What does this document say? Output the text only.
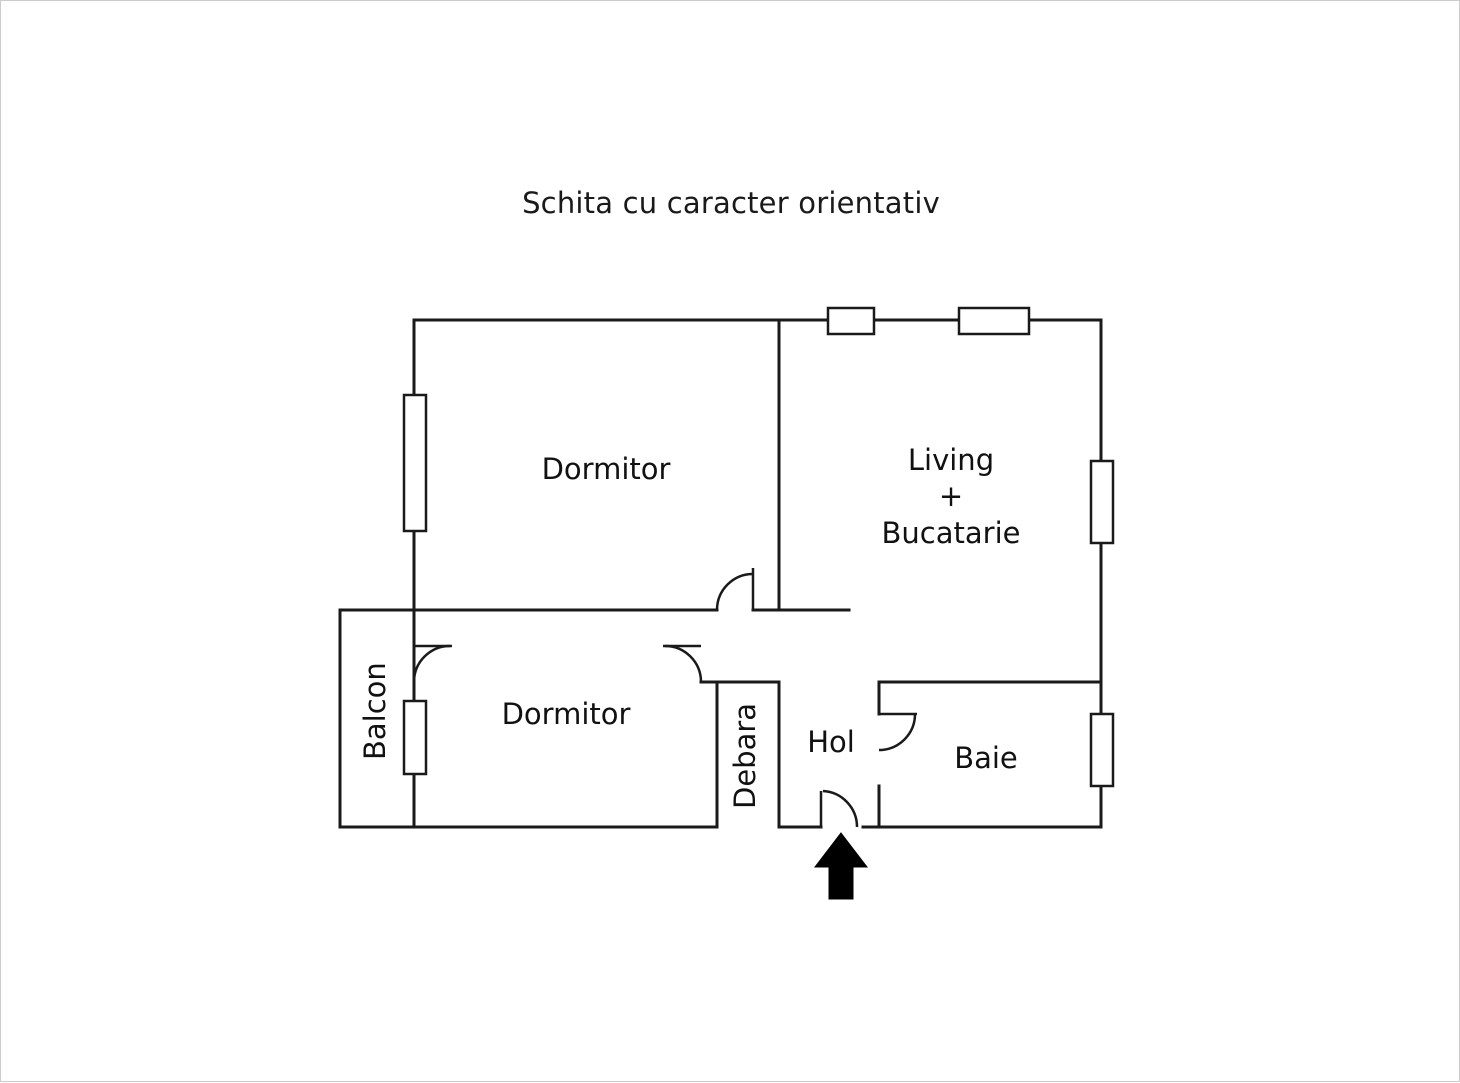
Schita cu caracter orientativ
Dormitor
Dormitor
Living
+
Bucatarie
Hol	Baie
Balcon	Debara
